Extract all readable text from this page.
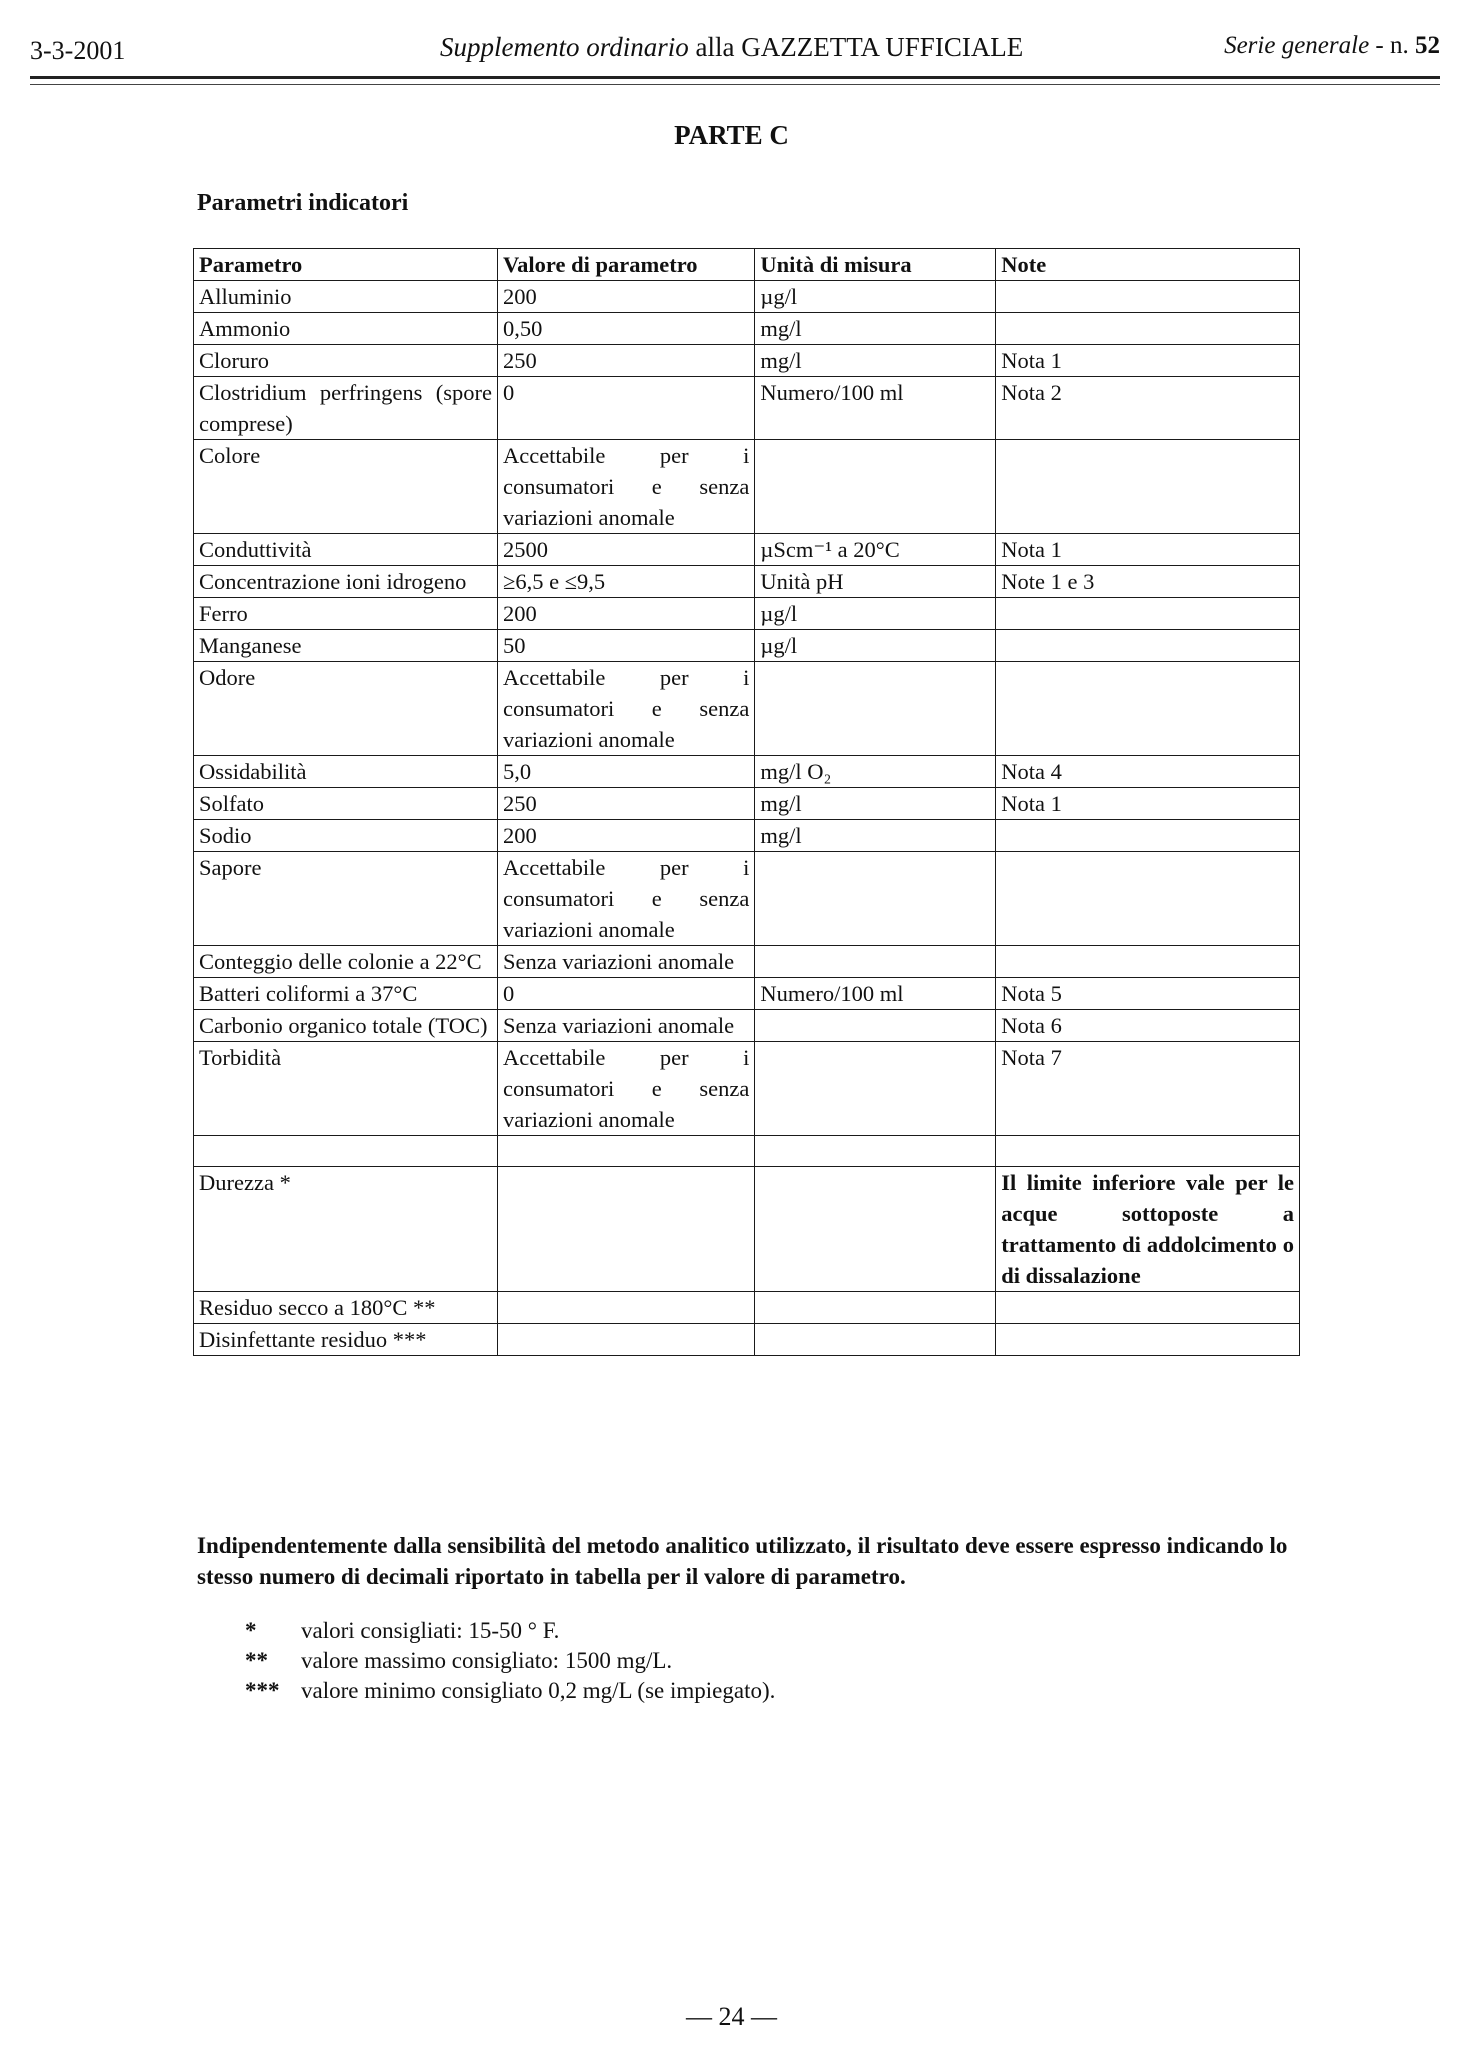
3-3-2001	Supplemento ordinario alla GAZZETTA UFFICIALE	Serie generale - n. 52
PARTE C
Parametri indicatori
Parametro	Valore di parametro	Unità di misura	Note
Alluminio	200	µg/l	
Ammonio	0,50	mg/l	
Cloruro	250	mg/l	Nota 1
Clostridium perfringens (spore comprese)	0	Numero/100 ml	Nota 2
Colore	Accettabile per i consumatori e senza variazioni anomale		
Conduttività	2500	µScm⁻¹ a 20°C	Nota 1
Concentrazione ioni idrogeno	≥6,5 e ≤9,5	Unità pH	Note 1 e 3
Ferro	200	µg/l	
Manganese	50	µg/l	
Odore	Accettabile per i consumatori e senza variazioni anomale		
Ossidabilità	5,0	mg/l O₂	Nota 4
Solfato	250	mg/l	Nota 1
Sodio	200	mg/l	
Sapore	Accettabile per i consumatori e senza variazioni anomale		
Conteggio delle colonie a 22°C	Senza variazioni anomale		
Batteri coliformi a 37°C	0	Numero/100 ml	Nota 5
Carbonio organico totale (TOC)	Senza variazioni anomale		Nota 6
Torbidità	Accettabile per i consumatori e senza variazioni anomale		Nota 7

Durezza *			Il limite inferiore vale per le acque sottoposte a trattamento di addolcimento o di dissalazione
Residuo secco a 180°C **			
Disinfettante residuo ***			
Indipendentemente dalla sensibilità del metodo analitico utilizzato, il risultato deve essere espresso indicando lo stesso numero di decimali riportato in tabella per il valore di parametro.
*	valori consigliati: 15-50 ° F.
**	valore massimo consigliato: 1500 mg/L.
*** valore minimo consigliato 0,2 mg/L (se impiegato).
— 24 —
